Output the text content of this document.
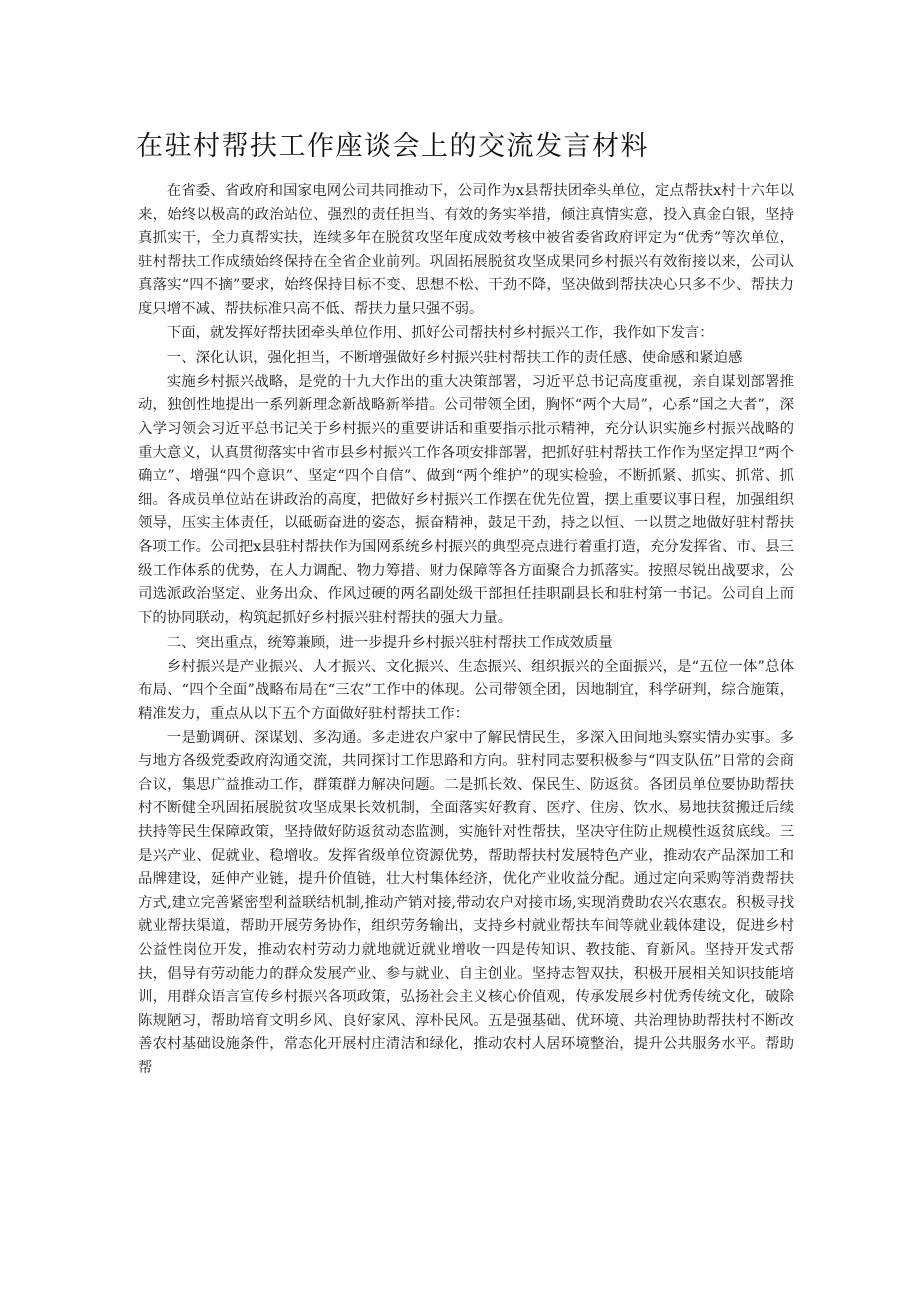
在驻村帮扶工作座谈会上的交流发言材料

在省委、省政府和国家电网公司共同推动下，公司作为x县帮扶团牵头单位，定点帮扶x村十六年以来，始终以极高的政治站位、强烈的责任担当、有效的务实举措，倾注真情实意，投入真金白银，坚持真抓实干，全力真帮实扶，连续多年在脱贫攻坚年度成效考核中被省委省政府评定为“优秀”等次单位，驻村帮扶工作成绩始终保持在全省企业前列。巩固拓展脱贫攻坚成果同乡村振兴有效衔接以来，公司认真落实“四不摘”要求，始终保持目标不变、思想不松、干劲不降，坚决做到帮扶决心只多不少、帮扶力度只增不减、帮扶标准只高不低、帮扶力量只强不弱。

下面，就发挥好帮扶团牵头单位作用、抓好公司帮扶村乡村振兴工作，我作如下发言：

一、深化认识，强化担当，不断增强做好乡村振兴驻村帮扶工作的责任感、使命感和紧迫感

实施乡村振兴战略，是党的十九大作出的重大决策部署，习近平总书记高度重视，亲自谋划部署推动，独创性地提出一系列新理念新战略新举措。公司带领全团，胸怀“两个大局”，心系“国之大者”，深入学习领会习近平总书记关于乡村振兴的重要讲话和重要指示批示精神，充分认识实施乡村振兴战略的重大意义，认真贯彻落实中省市县乡村振兴工作各项安排部署，把抓好驻村帮扶工作作为坚定捍卫“两个确立”、增强“四个意识”、坚定“四个自信”、做到“两个维护”的现实检验，不断抓紧、抓实、抓常、抓细。各成员单位站在讲政治的高度，把做好乡村振兴工作摆在优先位置，摆上重要议事日程，加强组织领导，压实主体责任，以砥砺奋进的姿态，振奋精神，鼓足干劲，持之以恒、一以贯之地做好驻村帮扶各项工作。公司把x县驻村帮扶作为国网系统乡村振兴的典型亮点进行着重打造，充分发挥省、市、县三级工作体系的优势，在人力调配、物力筹措、财力保障等各方面聚合力抓落实。按照尽锐出战要求，公司选派政治坚定、业务出众、作风过硬的两名副处级干部担任挂职副县长和驻村第一书记。公司自上而下的协同联动，构筑起抓好乡村振兴驻村帮扶的强大力量。

二、突出重点，统筹兼顾，进一步提升乡村振兴驻村帮扶工作成效质量

乡村振兴是产业振兴、人才振兴、文化振兴、生态振兴、组织振兴的全面振兴，是“五位一体”总体布局、“四个全面”战略布局在“三农”工作中的体现。公司带领全团，因地制宜，科学研判，综合施策，精准发力，重点从以下五个方面做好驻村帮扶工作：

一是勤调研、深谋划、多沟通。多走进农户家中了解民情民生，多深入田间地头察实情办实事。多与地方各级党委政府沟通交流，共同探讨工作思路和方向。驻村同志要积极参与“四支队伍”日常的会商合议，集思广益推动工作，群策群力解决问题。二是抓长效、保民生、防返贫。各团员单位要协助帮扶村不断健全巩固拓展脱贫攻坚成果长效机制，全面落实好教育、医疗、住房、饮水、易地扶贫搬迁后续扶持等民生保障政策，坚持做好防返贫动态监测，实施针对性帮扶，坚决守住防止规模性返贫底线。三是兴产业、促就业、稳增收。发挥省级单位资源优势，帮助帮扶村发展特色产业，推动农产品深加工和品牌建设，延伸产业链，提升价值链，壮大村集体经济，优化产业收益分配。通过定向采购等消费帮扶方式,建立完善紧密型利益联结机制,推动产销对接,带动农户对接市场,实现消费助农兴农惠农。积极寻找就业帮扶渠道，帮助开展劳务协作，组织劳务输出，支持乡村就业帮扶车间等就业载体建设，促进乡村公益性岗位开发，推动农村劳动力就地就近就业增收一四是传知识、教技能、育新风。坚持开发式帮扶，倡导有劳动能力的群众发展产业、参与就业、自主创业。坚持志智双扶，积极开展相关知识技能培训，用群众语言宣传乡村振兴各项政策，弘扬社会主义核心价值观，传承发展乡村优秀传统文化，破除陈规陋习，帮助培育文明乡风、良好家风、淳朴民风。五是强基础、优环境、共治理协助帮扶村不断改善农村基础设施条件，常态化开展村庄清洁和绿化，推动农村人居环境整治，提升公共服务水平。帮助帮
